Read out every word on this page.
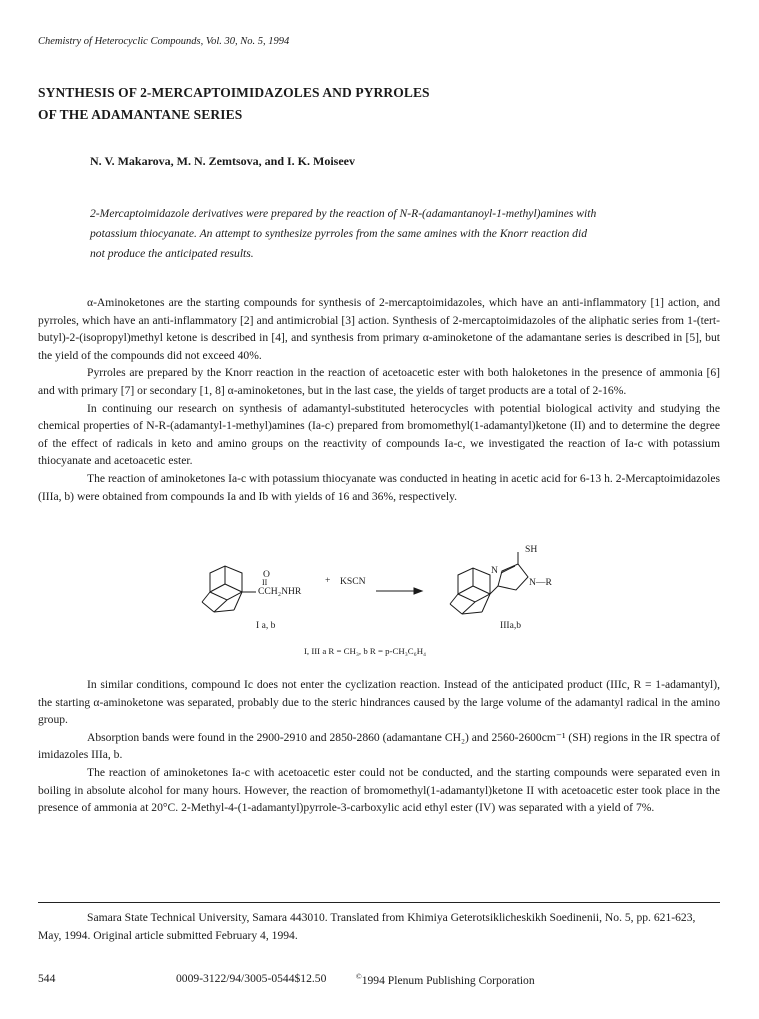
Chemistry of Heterocyclic Compounds, Vol. 30, No. 5, 1994
SYNTHESIS OF 2-MERCAPTOIMIDAZOLES AND PYRROLES
OF THE ADAMANTANE SERIES
N. V. Makarova, M. N. Zemtsova, and I. K. Moiseev
2-Mercaptoimidazole derivatives were prepared by the reaction of N-R-(adamantanoyl-1-methyl)amines with
potassium thiocyanate. An attempt to synthesize pyrroles from the same amines with the Knorr reaction did
not produce the anticipated results.

α-Aminoketones are the starting compounds for synthesis of 2-mercaptoimidazoles, which have an anti-inflammatory [1] action, and pyrroles, which have an anti-inflammatory [2] and antimicrobial [3] action. Synthesis of 2-mercaptoimidazoles of the aliphatic series from 1-(tert-butyl)-2-(isopropyl)methyl ketone is described in [4], and synthesis from primary α-aminoketone of the adamantane series is described in [5], but the yield of the compounds did not exceed 40%.

Pyrroles are prepared by the Knorr reaction in the reaction of acetoacetic ester with both haloketones in the presence of ammonia [6] and with primary [7] or secondary [1, 8] α-aminoketones, but in the last case, the yields of target products are a total of 2-16%.

In continuing our research on synthesis of adamantyl-substituted heterocycles with potential biological activity and studying the chemical properties of N-R-(adamantyl-1-methyl)amines (Ia-c) prepared from bromomethyl(1-adamantyl)ketone (II) and to determine the degree of the effect of radicals in keto and amino groups on the reactivity of compounds Ia-c, we investigated the reaction of Ia-c with potassium thiocyanate and acetoacetic ester.

The reaction of aminoketones Ia-c with potassium thiocyanate was conducted in heating in acetic acid for 6-13 h. 2-Mercaptoimidazoles (IIIa, b) were obtained from compounds Ia and Ib with yields of 16 and 36%, respectively.

O
II
CCH₂NHR
+ KSCN
SH
N
N—R
I a, b	IIIa,b
I, III a R = CH₃, b R = p-CH₃C₆H₄

In similar conditions, compound Ic does not enter the cyclization reaction. Instead of the anticipated product (IIIc, R = 1-adamantyl), the starting α-aminoketone was separated, probably due to the steric hindrances caused by the large volume of the adamantyl radical in the amino group.

Absorption bands were found in the 2900-2910 and 2850-2860 (adamantane CH₂) and 2560-2600cm⁻¹ (SH) regions in the IR spectra of imidazoles IIIa, b.

The reaction of aminoketones Ia-c with acetoacetic ester could not be conducted, and the starting compounds were separated even in boiling in absolute alcohol for many hours. However, the reaction of bromomethyl(1-adamantyl)ketone II with acetoacetic ester took place in the presence of ammonia at 20°C. 2-Methyl-4-(1-adamantyl)pyrrole-3-carboxylic acid ethyl ester (IV) was separated with a yield of 7%.

Samara State Technical University, Samara 443010. Translated from Khimiya Geterotsiklicheskikh Soedinenii, No. 5, pp. 621-623, May, 1994. Original article submitted February 4, 1994.

544	0009-3122/94/3005-0544$12.50	©1994 Plenum Publishing Corporation
